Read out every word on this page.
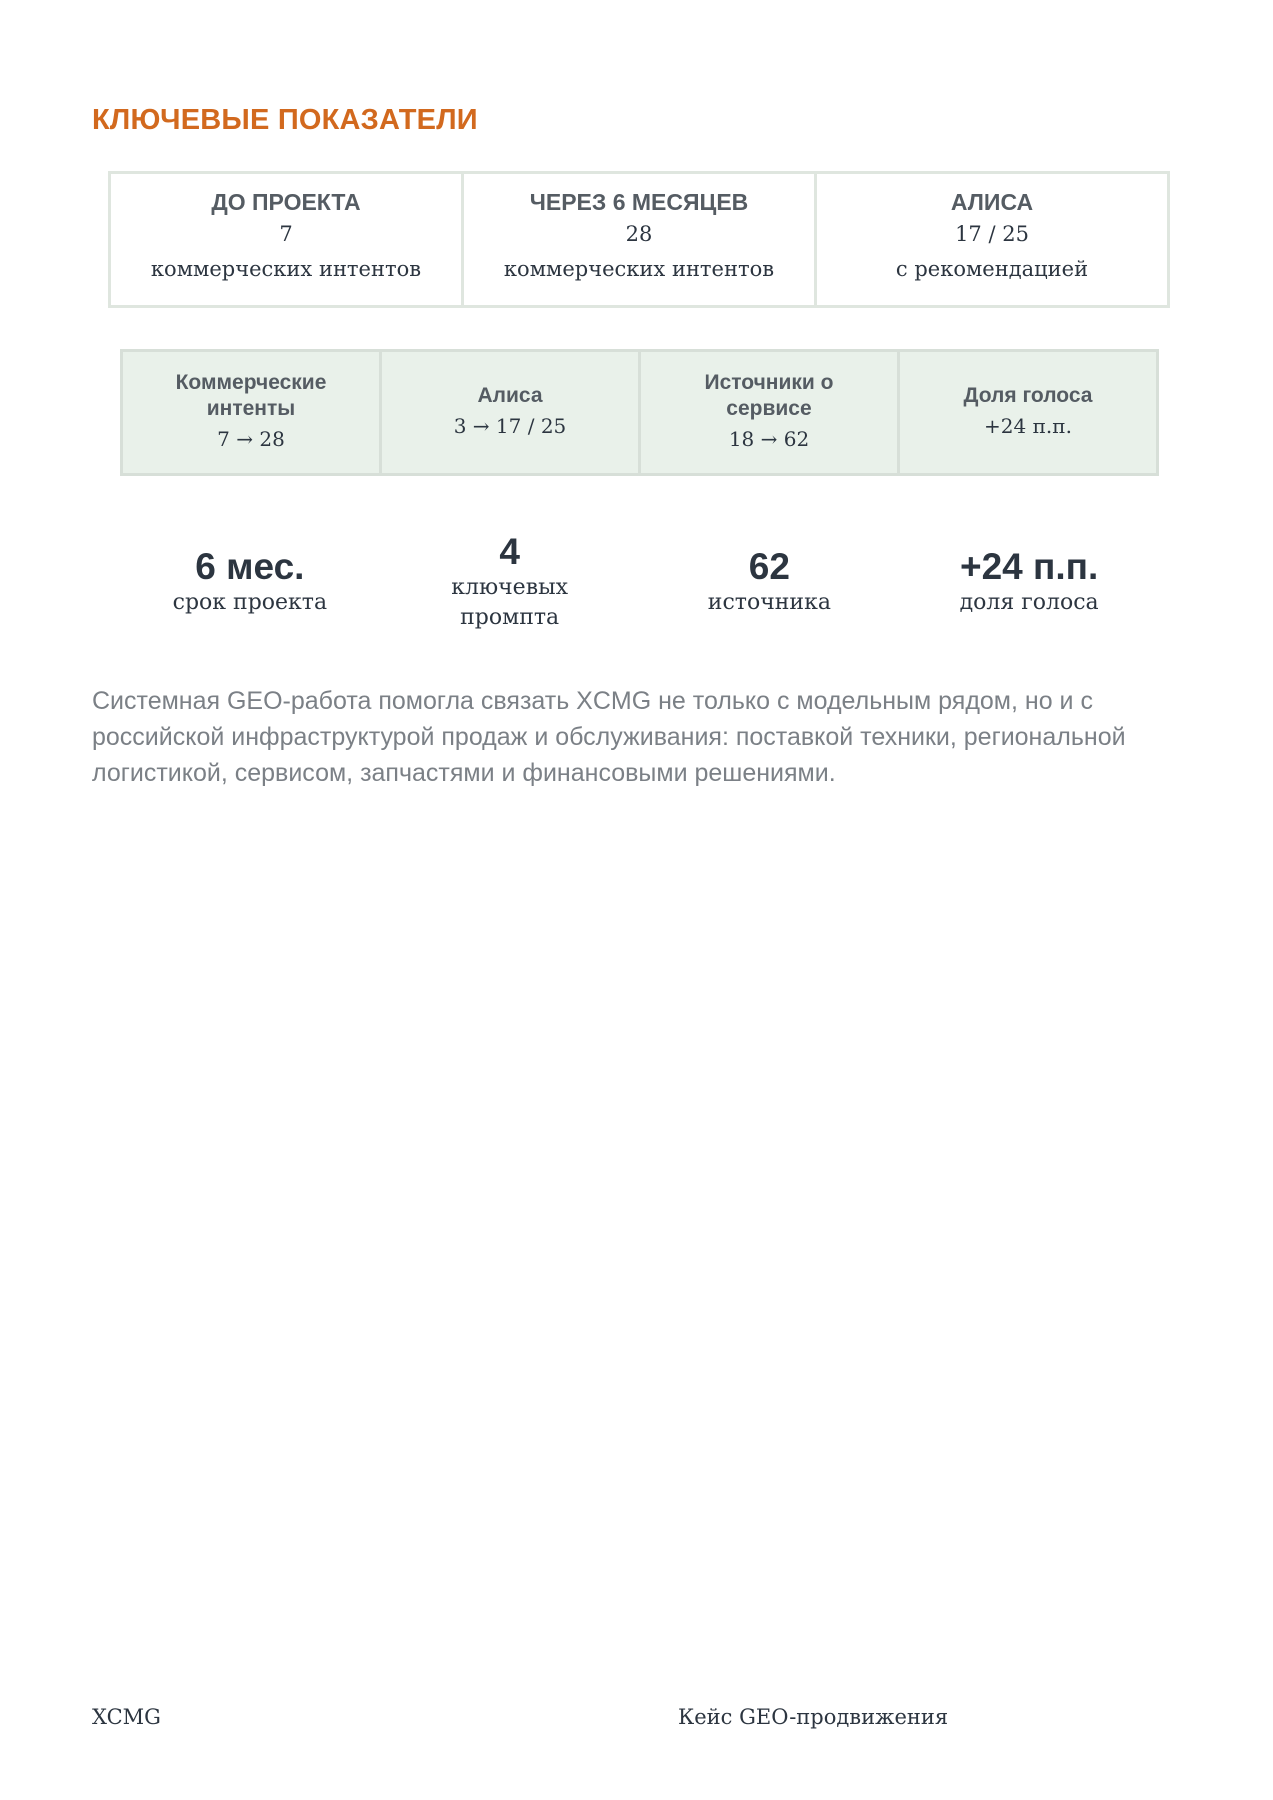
КЛЮЧЕВЫЕ ПОКАЗАТЕЛИ
ДО ПРОЕКТА
7
коммерческих интентов
ЧЕРЕЗ 6 МЕСЯЦЕВ
28
коммерческих интентов
АЛИСА
17 / 25
с рекомендацией
Коммерческие
интенты
7 → 28
Алиса
3 → 17 / 25
Источники о
сервисе
18 → 62
Доля голоса
+24 п.п.
6 мес.
срок проекта
4
ключевых
промпта
62
источника
+24 п.п.
доля голоса

Системная GEO-работа помогла связать XCMG не только с модельным рядом, но и с российской инфраструктурой продаж и обслуживания: поставкой техники, региональной логистикой, сервисом, запчастями и финансовыми решениями.

XCMG	Кейс GEO-продвижения
